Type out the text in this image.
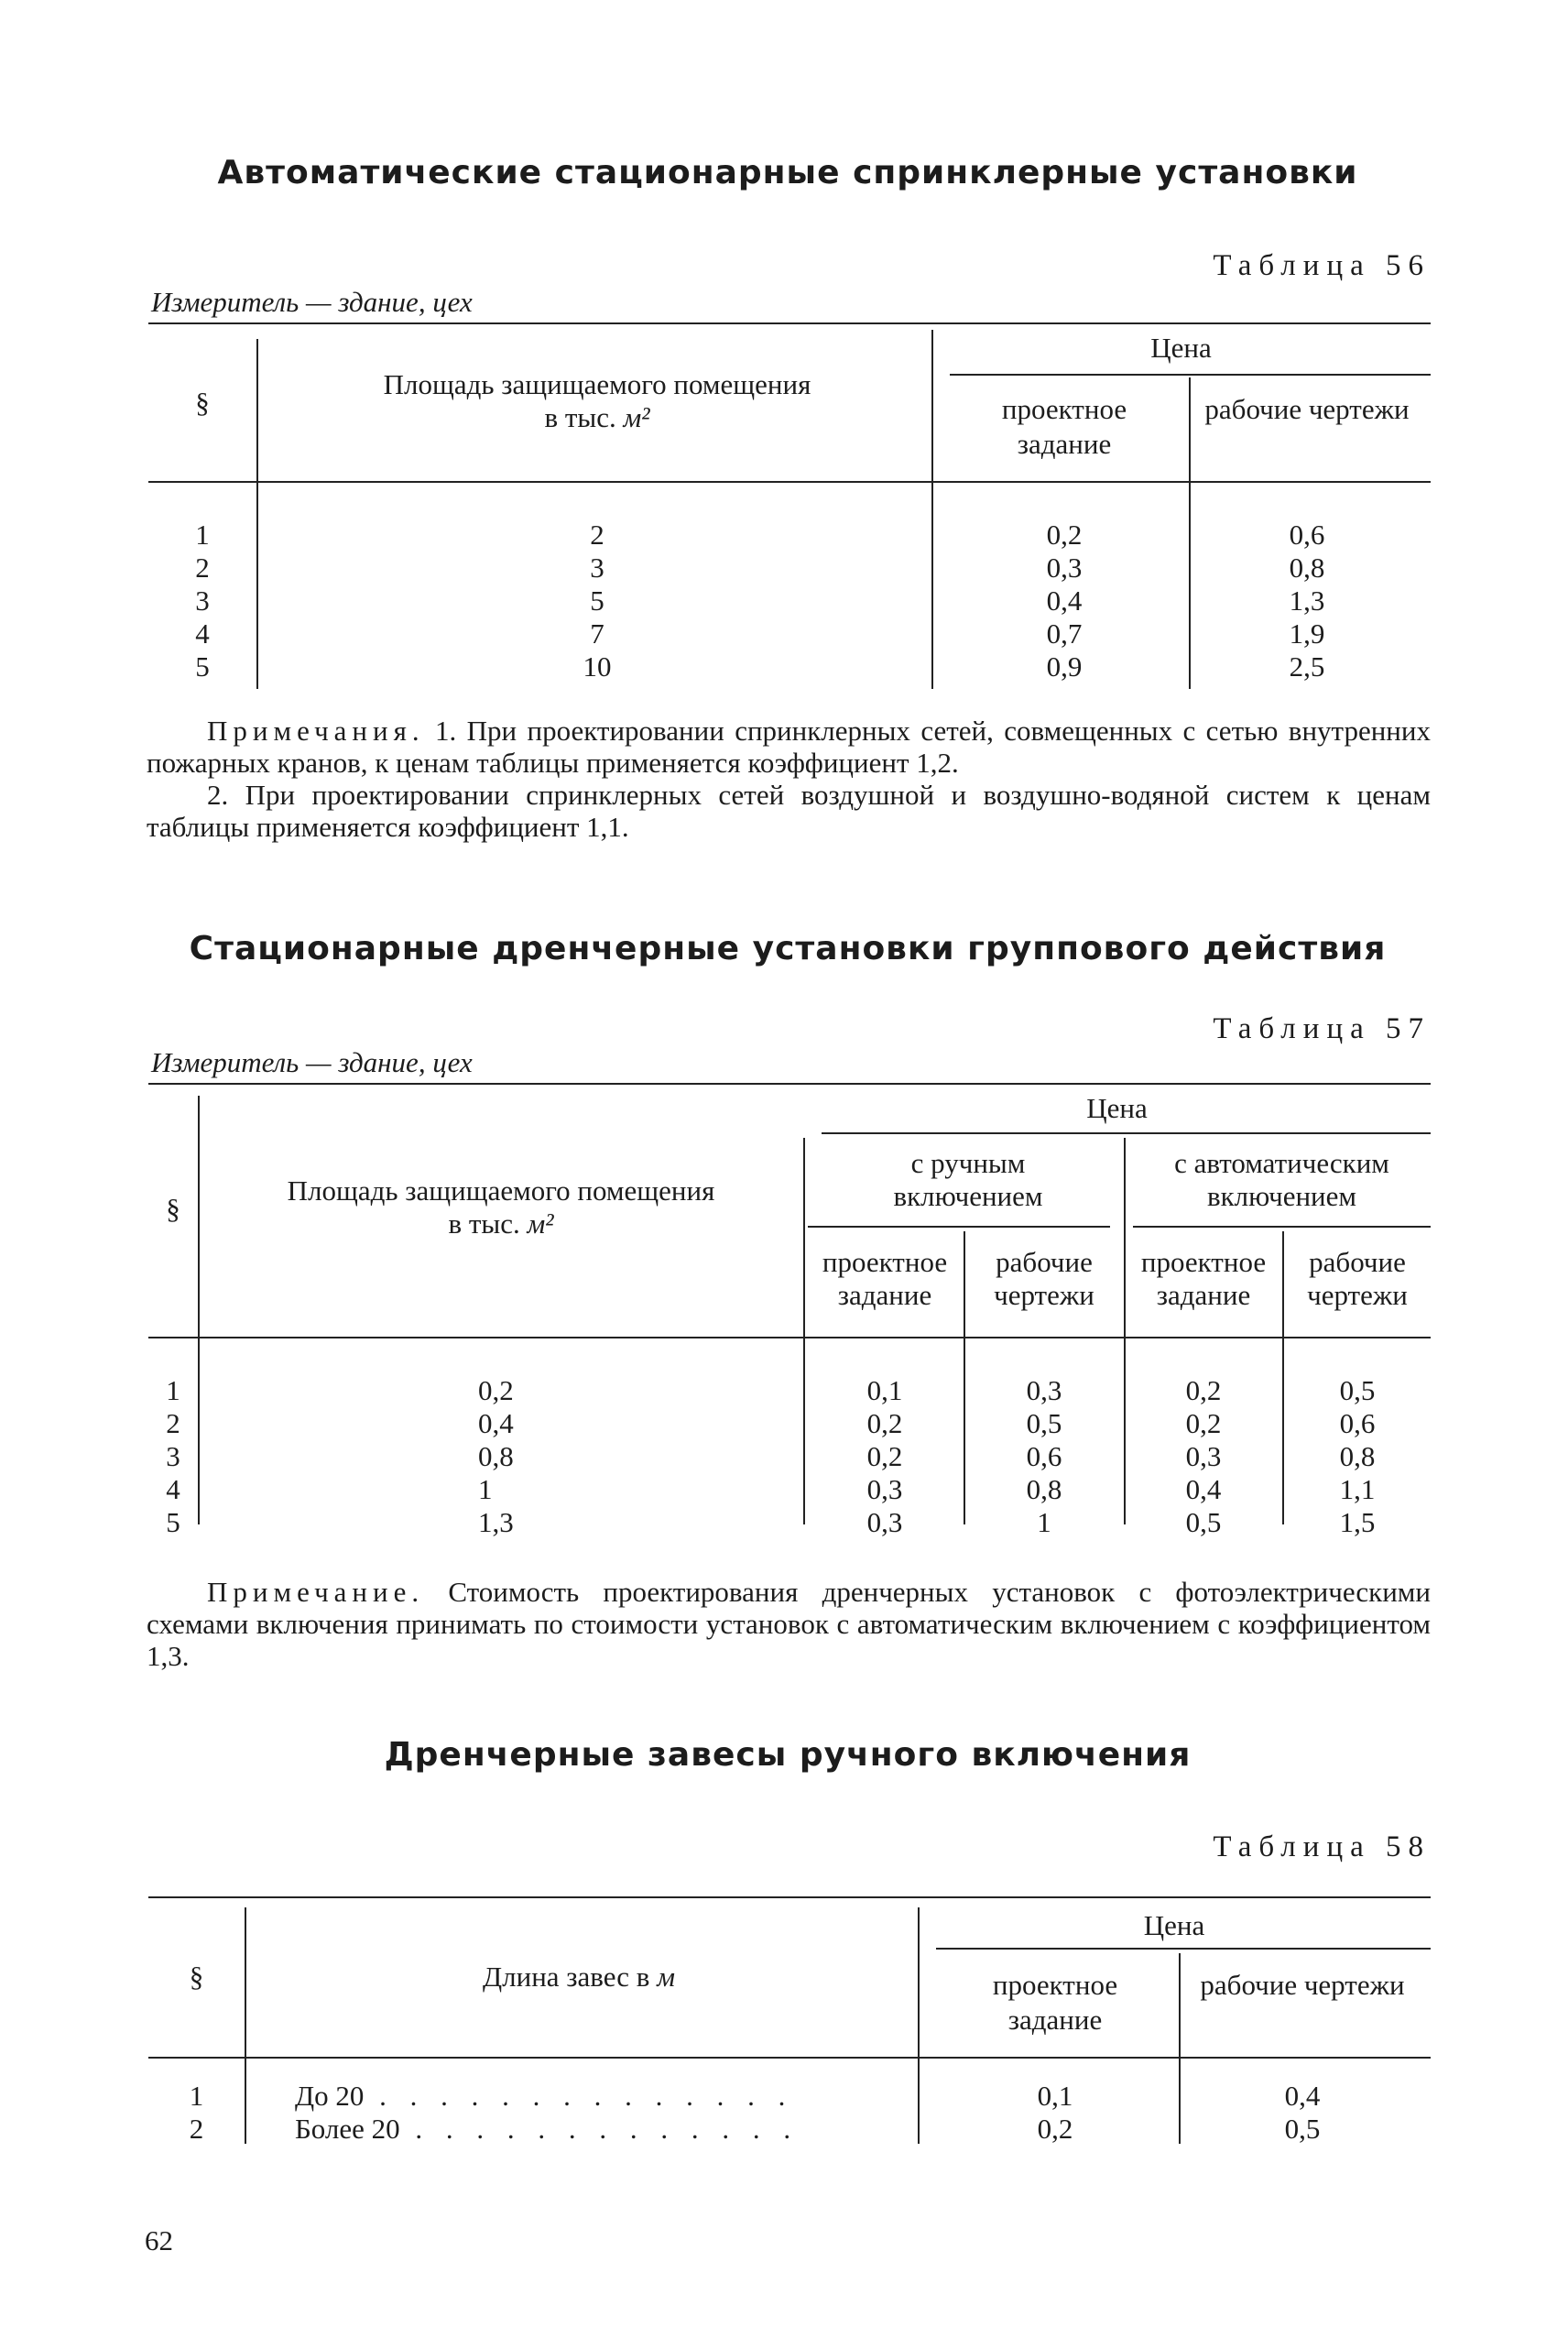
Автоматические стационарные спринклерные установки
Таблица 56
Измеритель — здание, цех
§
Площадь защищаемого помещения
в тыс. м²
Цена
проектное задание
рабочие чертежи
1
2
3
4
5
2
3
5
7
10
0,2
0,3
0,4
0,7
0,9
0,6
0,8
1,3
1,9
2,5

Примечания. 1. При проектировании спринклерных сетей, совмещенных с сетью внутренних пожарных кранов, к ценам таблицы применяется коэффициент 1,2.

2. При проектировании спринклерных сетей воздушной и воздушно-водяной систем к ценам таблицы применяется коэффициент 1,1.

Стационарные дренчерные установки группового действия
Таблица 57
Измеритель — здание, цех
§
Площадь защищаемого помещения
в тыс. м²
Цена
с ручным включением
с автоматическим включением
проектное задание
рабочие чертежи
проектное задание
рабочие чертежи
1
2
3
4
5
0,2
0,4
0,8
1
1,3
0,1
0,2
0,2
0,3
0,3
0,3
0,5
0,6
0,8
1
0,2
0,2
0,3
0,4
0,5
0,5
0,6
0,8
1,1
1,5

Примечание. Стоимость проектирования дренчерных установок с фотоэлектрическими схемами включения принимать по стоимости установок с автоматическим включением с коэффициентом 1,3.

Дренчерные завесы ручного включения
Таблица 58
§	Длина завес в м
Цена
проектное задание
рабочие чертежи
1
2
До 20 . . . . . . . . . . . . . .
Более 20 . . . . . . . . . . . . .
0,1
0,2
0,4
0,5
62
